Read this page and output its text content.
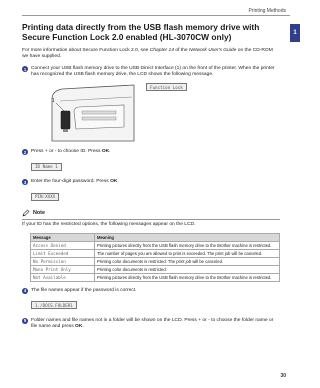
Printing Methods
1
Printing data directly from the USB flash memory drive with Secure Function Lock 2.0 enabled (HL-3070CW only)

For more information about Secure Function Lock 2.0, see Chapter 14 of the Network User's Guide on the CD-ROM we have supplied.

1 Connect your USB flash memory drive to the USB Direct Interface (1) on the front of the printer. When the printer has recognized the USB flash memory drive, the LCD shows the following message.

1
Function Lock
2 Press + or - to choose ID. Press OK.

ID Name 1
3 Enter the four-digit password. Press OK

PIN:XXXX
Note

If your ID has the restricted options, the following messages appear on the LCD.

Message	Meaning
Access Denied	Printing pictures directly from the USB flash memory drive to the Brother machine is restricted.
Limit Exceeded	The number of pages you are allowed to print is exceeded. The print job will be canceled.
No Permission	Printing color documents is restricted. The print job will be canceled.
Mono Print Only	Printing color documents is restricted.
Not Available	Printing pictures directly from the USB flash memory drive to the Brother machine is restricted.
4 The file names appear if the password is correct.

1./DOCS.FOLDER1
5 Folder names and file names not in a folder will be shown on the LCD. Press + or - to choose the folder name or file name and press OK.

30
